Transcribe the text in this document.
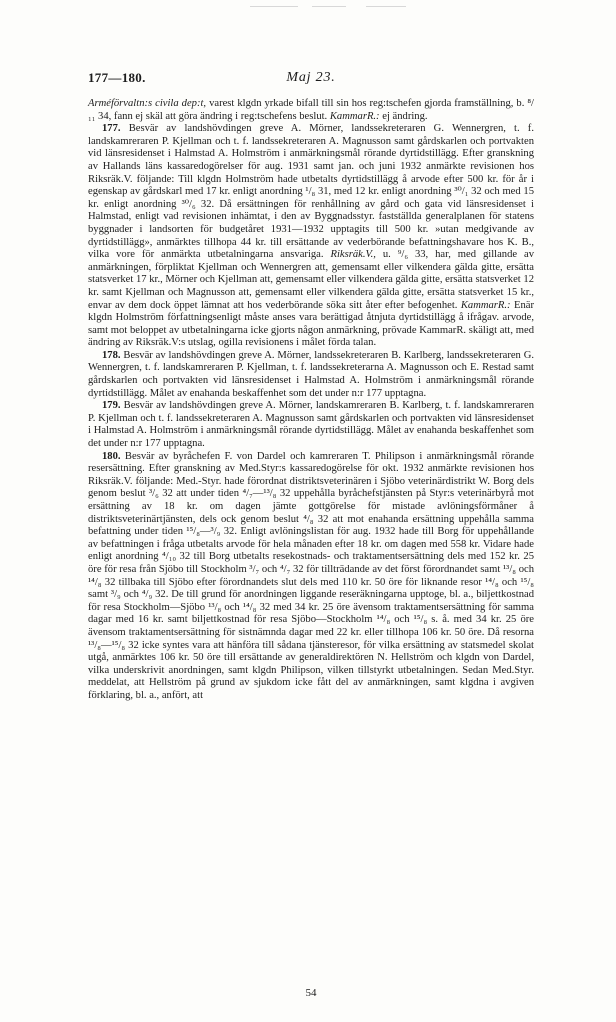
177—180.	Maj 23.

Arméförvaltn:s civila dep:t, varest klgdn yrkade bifall till sin hos reg:tschefen gjorda framställning, b. ⁸/₁₁ 34, fann ej skäl att göra ändring i reg:tschefens beslut. KammarR.: ej ändring.

177. Besvär av landshövdingen greve A. Mörner, landssekreteraren G. Wennergren, t. f. landskamreraren P. Kjellman och t. f. landssekreteraren A. Magnusson samt gårdskarlen och portvakten vid länsresidenset i Halmstad A. Holmström i anmärkningsmål rörande dyrtidstillägg. Efter granskning av Hallands läns kassaredogörelser för aug. 1931 samt jan. och juni 1932 anmärkte revisionen hos Riksräk.V. följande: Till klgdn Holmström hade utbetalts dyrtidstillägg å arvode efter 500 kr. för år i egenskap av gårdskarl med 17 kr. enligt anordning ¹/₈ 31, med 12 kr. enligt anordning ³⁰/₁ 32 och med 15 kr. enligt anordning ³⁰/₆ 32. Då ersättningen för renhållning av gård och gata vid länsresidenset i Halmstad, enligt vad revisionen inhämtat, i den av Byggnadsstyr. fastställda generalplanen för statens byggnader i landsorten för budgetåret 1931—1932 upptagits till 500 kr. »utan medgivande av dyrtidstillägg», anmärktes tillhopa 44 kr. till ersättande av vederbörande befattningshavare hos K. B., vilka vore för anmärkta utbetalningarna ansvariga. Riksräk.V., u. ⁹/₆ 33, har, med gillande av anmärkningen, förpliktat Kjellman och Wennergren att, gemensamt eller vilkendera gälda gitte, ersätta statsverket 17 kr., Mörner och Kjellman att, gemensamt eller vilkendera gälda gitte, ersätta statsverket 12 kr. samt Kjellman och Magnusson att, gemensamt eller vilkendera gälda gitte, ersätta statsverket 15 kr., envar av dem dock öppet lämnat att hos vederbörande söka sitt åter efter befogenhet. KammarR.: Enär klgdn Holmström författningsenligt måste anses vara berättigad åtnjuta dyrtidstillägg å ifrågav. arvode, samt mot beloppet av utbetalningarna icke gjorts någon anmärkning, prövade KammarR. skäligt att, med ändring av Riksräk.V:s utslag, ogilla revisionens i målet förda talan.

178. Besvär av landshövdingen greve A. Mörner, landssekreteraren B. Karlberg, landssekreteraren G. Wennergren, t. f. landskamreraren P. Kjellman, t. f. landssekreterarna A. Magnusson och E. Restad samt gårdskarlen och portvakten vid länsresidenset i Halmstad A. Holmström i anmärkningsmål rörande dyrtidstillägg. Målet av enahanda beskaffenhet som det under n:r 177 upptagna.

179. Besvär av landshövdingen greve A. Mörner, landskamreraren B. Karlberg, t. f. landskamreraren P. Kjellman och t. f. landssekreteraren A. Magnusson samt gårdskarlen och portvakten vid länsresidenset i Halmstad A. Holmström i anmärkningsmål rörande dyrtidstillägg. Målet av enahanda beskaffenhet som det under n:r 177 upptagna.

180. Besvär av byråchefen F. von Dardel och kamreraren T. Philipson i anmärkningsmål rörande resersättning. Efter granskning av Med.Styr:s kassaredogörelse för okt. 1932 anmärkte revisionen hos Riksräk.V. följande: Med.-Styr. hade förordnat distriktsveterinären i Sjöbo veterinärdistrikt W. Borg dels genom beslut ³/₆ 32 att under tiden ⁴/₇—¹³/₈ 32 uppehålla byråchefstjänsten på Styr:s veterinärbyrå mot ersättning av 18 kr. om dagen jämte gottgörelse för mistade avlöningsförmåner å distriktsveterinärtjänsten, dels ock genom beslut ⁴/₈ 32 att mot enahanda ersättning uppehålla samma befattning under tiden ¹⁵/₈—³/₉ 32. Enligt avlöningslistan för aug. 1932 hade till Borg för uppehållande av befattningen i fråga utbetalts arvode för hela månaden efter 18 kr. om dagen med 558 kr. Vidare hade enligt anordning ⁴/₁₀ 32 till Borg utbetalts resekostnads- och traktamentsersättning dels med 152 kr. 25 öre för resa från Sjöbo till Stockholm ³/₇ och ⁴/₇ 32 för tillträdande av det först förordnandet samt ¹³/₈ och ¹⁴/₈ 32 tillbaka till Sjöbo efter förordnandets slut dels med 110 kr. 50 öre för liknande resor ¹⁴/₈ och ¹⁵/₈ samt ³/₉ och ⁴/₉ 32. De till grund för anordningen liggande reseräkningarna upptoge, bl. a., biljettkostnad för resa Stockholm—Sjöbo ¹³/₈ och ¹⁴/₈ 32 med 34 kr. 25 öre ävensom traktamentsersättning för samma dagar med 16 kr. samt biljettkostnad för resa Sjöbo—Stockholm ¹⁴/₈ och ¹⁵/₈ s. å. med 34 kr. 25 öre ävensom traktamentsersättning för sistnämnda dagar med 22 kr. eller tillhopa 106 kr. 50 öre. Då resorna ¹³/₈—¹⁵/₈ 32 icke syntes vara att hänföra till sådana tjänsteresor, för vilka ersättning av statsmedel skolat utgå, anmärktes 106 kr. 50 öre till ersättande av generaldirektören N. Hellström och klgdn von Dardel, vilka underskrivit anordningen, samt klgdn Philipson, vilken tillstyrkt utbetalningen. Sedan Med.Styr. meddelat, att Hellström på grund av sjukdom icke fått del av anmärkningen, samt klgdna i avgiven förklaring, bl. a., anfört, att

54
